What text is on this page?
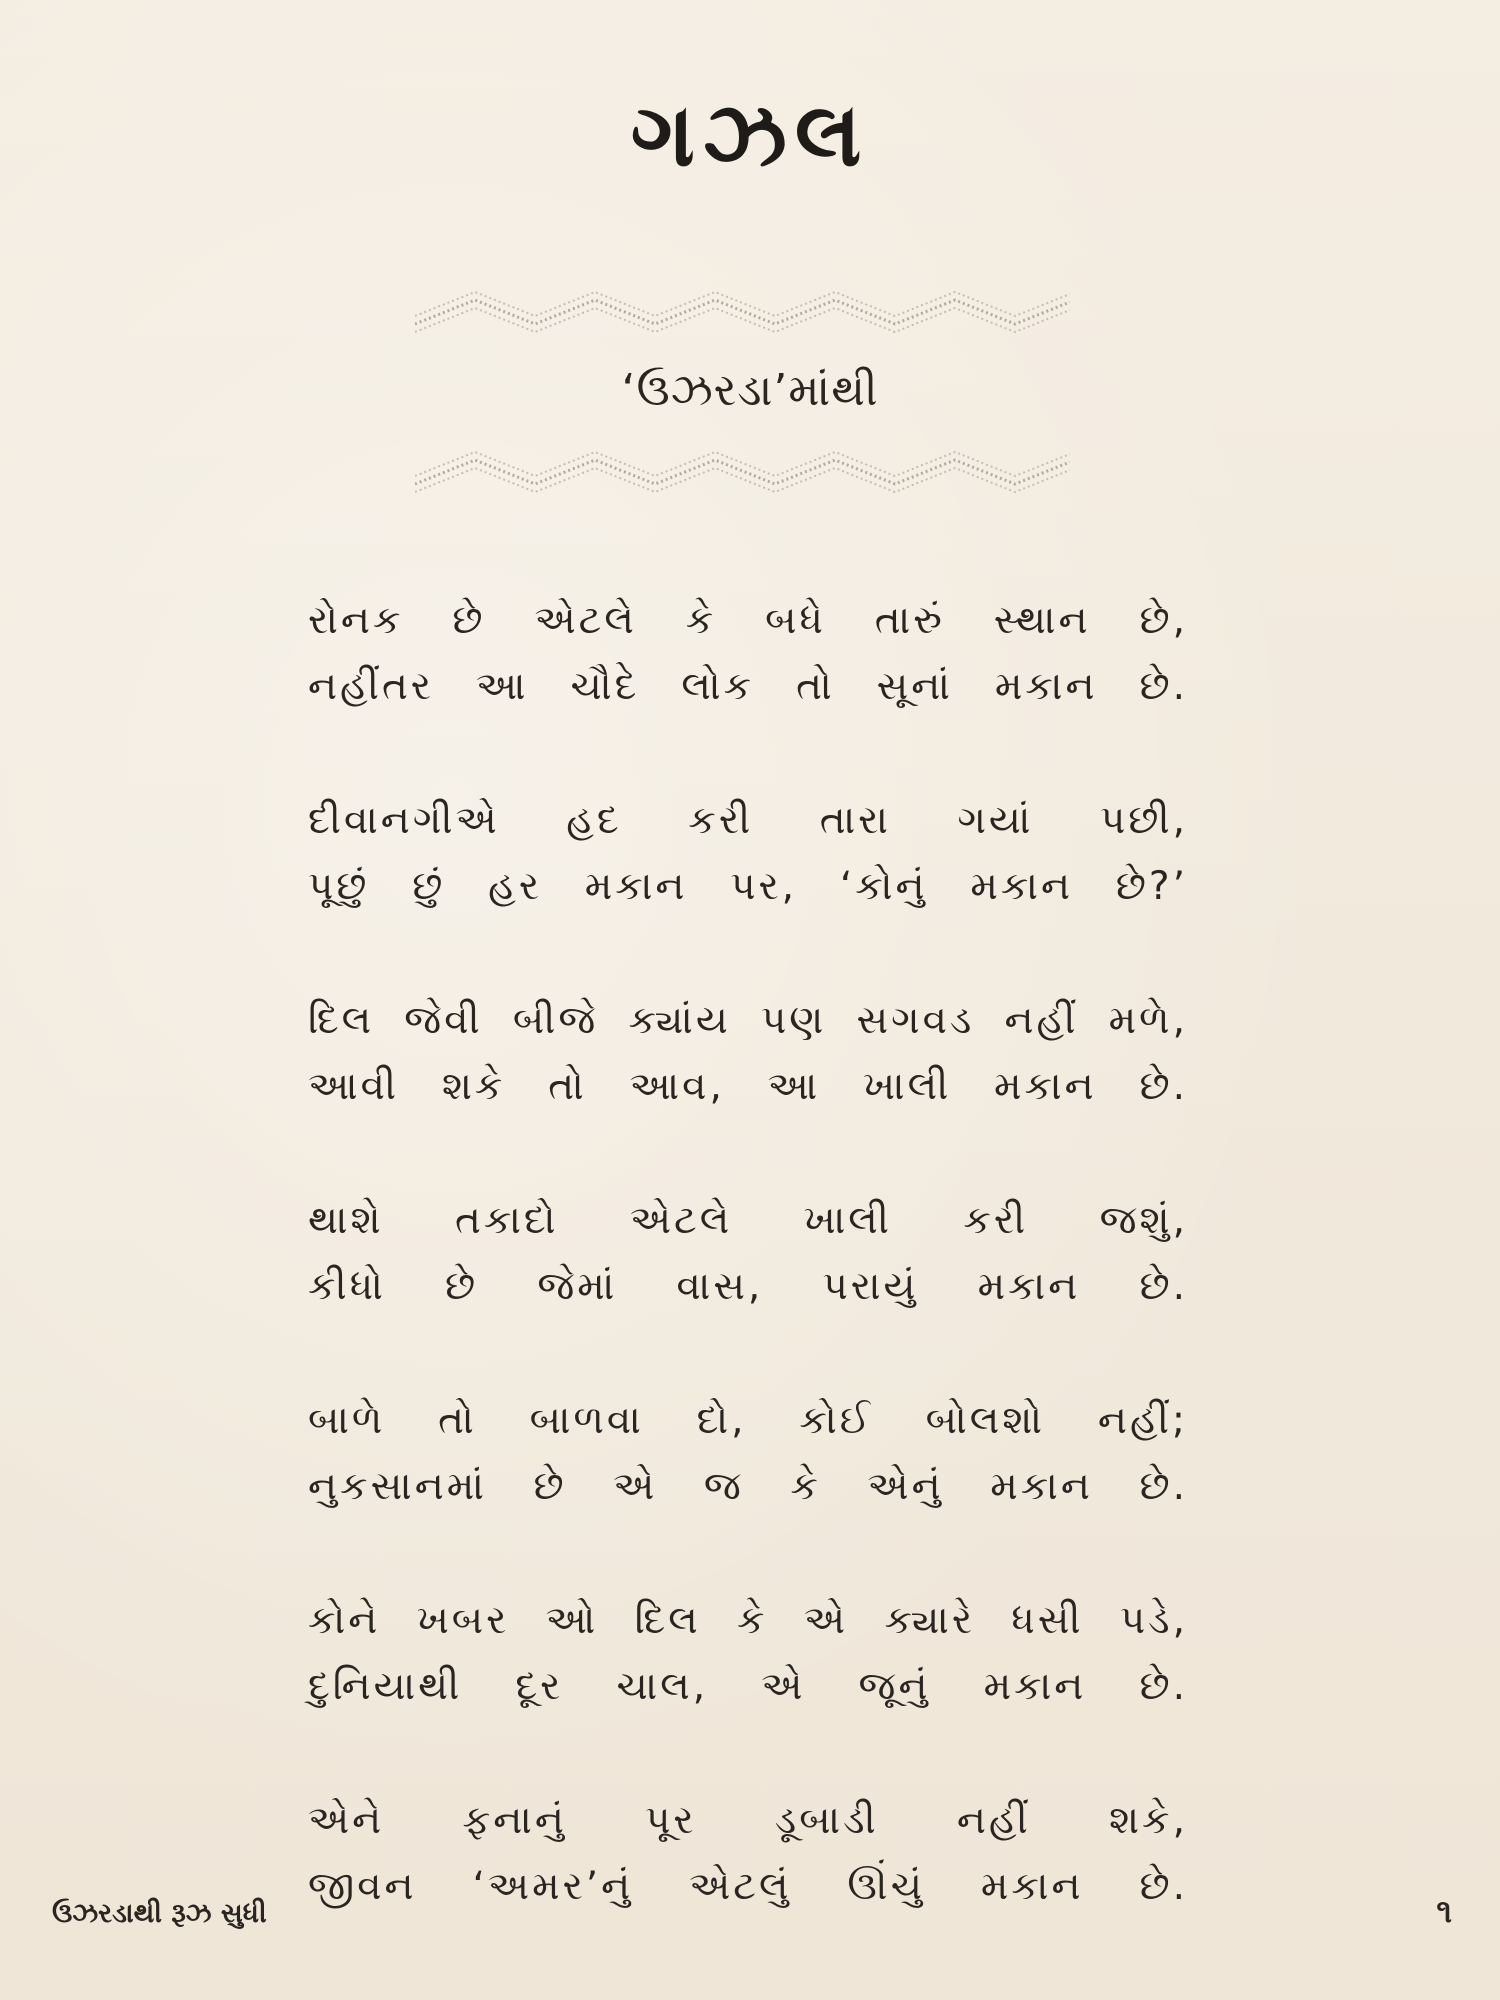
ગઝલ
‘ઉઝરડા’માંથી
રોનક છે એટલે કે બધે તારું સ્થાન છે,
નહીંતર આ ચૌદે લોક તો સૂનાં મકાન છે.
દીવાનગીએ હદ કરી તારા ગયાં પછી,
પૂછું છું હર મકાન પર, ‘કોનું મકાન છે?’
દિલ જેવી બીજે ક્યાંય પણ સગવડ નહીં મળે,
આવી શકે તો આવ, આ ખાલી મકાન છે.
થાશે તકાદો એટલે ખાલી કરી જશું,
કીધો છે જેમાં વાસ, પરાયું મકાન છે.
બાળે તો બાળવા દો, કોઈ બોલશો નહીં;
નુકસાનમાં છે એ જ કે એનું મકાન છે.
કોને ખબર ઓ દિલ કે એ ક્યારે ધસી પડે,
દુનિયાથી દૂર ચાલ, એ જૂનું મકાન છે.
એને ફનાનું પૂર ડૂબાડી નહીં શકે,
જીવન ‘અમર’નું એટલું ઊંચું મકાન છે.
ઉઝરડાથી રૂઝ સુધી	૧
